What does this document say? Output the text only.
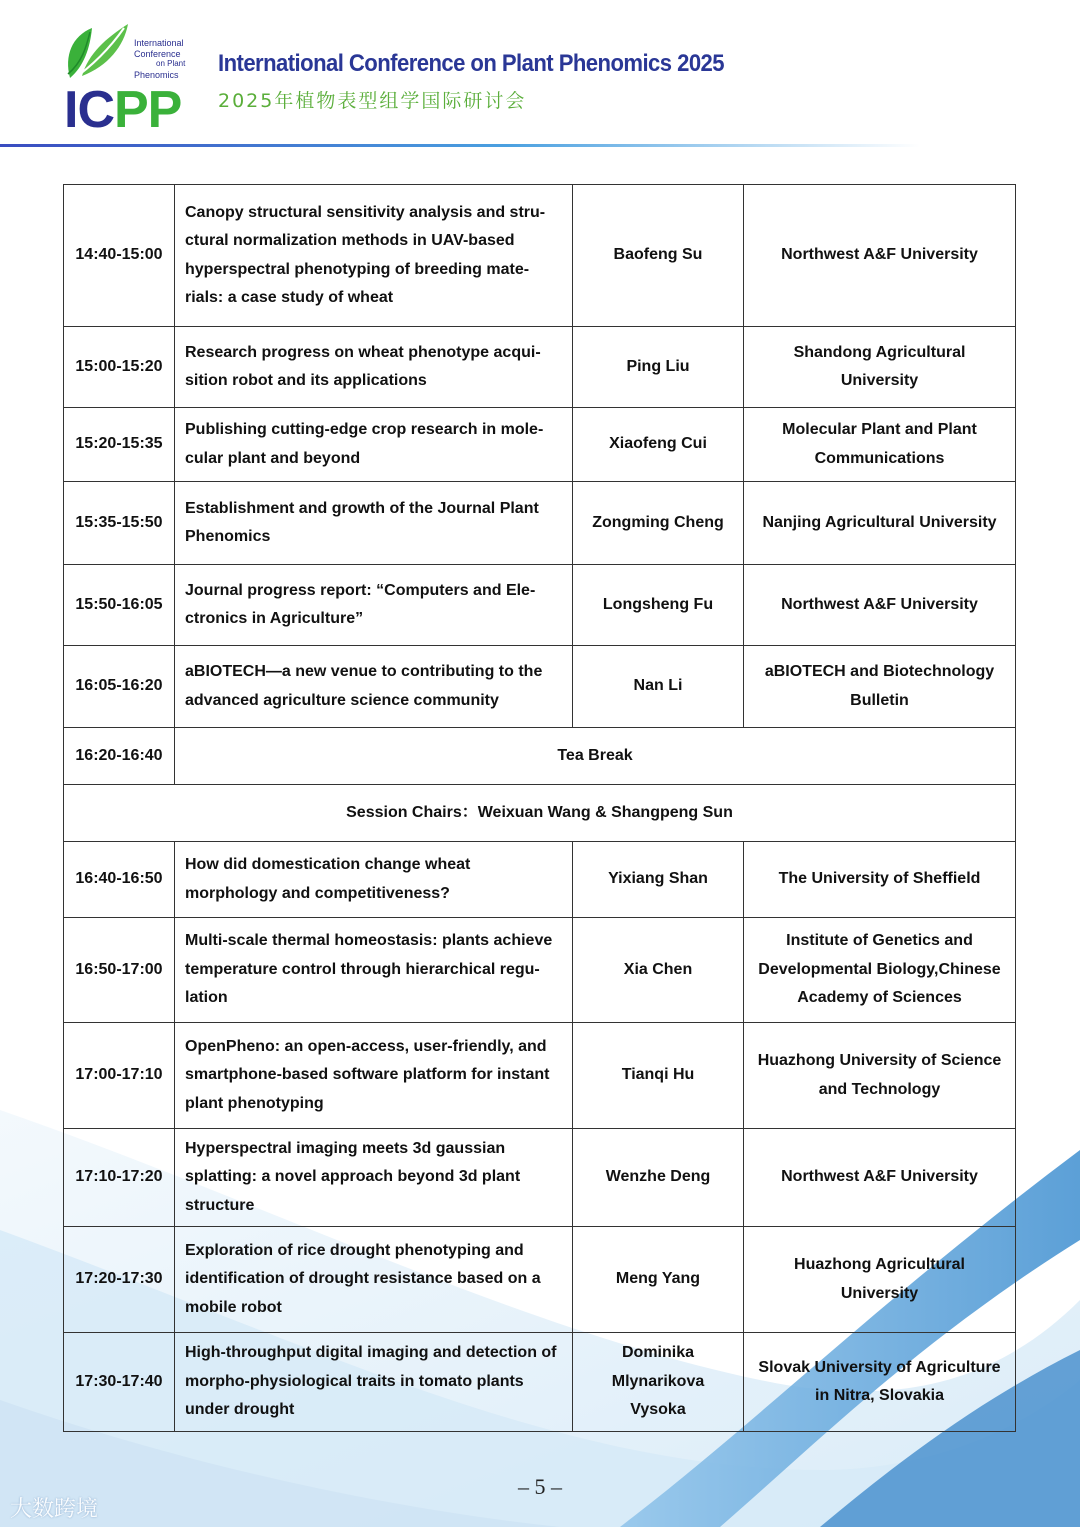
International
Conference
on Plant
Phenomics
ICPP
International Conference on Plant Phenomics 2025
2025年植物表型组学国际研讨会
14:40-15:00	Canopy structural sensitivity analysis and stru-ctural normalization methods in UAV-based hyperspectral phenotyping of breeding mate-rials: a case study of wheat	Baofeng Su	Northwest A&F University
15:00-15:20	Research progress on wheat phenotype acqui-sition robot and its applications	Ping Liu	Shandong Agricultural University
15:20-15:35	Publishing cutting-edge crop research in mole-cular plant and beyond	Xiaofeng Cui	Molecular Plant and Plant Communications
15:35-15:50	Establishment and growth of the Journal Plant Phenomics	Zongming Cheng	Nanjing Agricultural University
15:50-16:05	Journal progress report: “Computers and Ele-ctronics in Agriculture”	Longsheng Fu	Northwest A&F University
16:05-16:20	aBIOTECH—a new venue to contributing to the advanced agriculture science community	Nan Li	aBIOTECH and Biotechnology Bulletin
16:20-16:40	Tea Break		
Session Chairs：Weixuan Wang & Shangpeng Sun			
16:40-16:50	How did domestication change wheat morphology and competitiveness?	Yixiang Shan	The University of Sheffield
16:50-17:00	Multi-scale thermal homeostasis: plants achieve temperature control through hierarchical regu-lation	Xia Chen	Institute of Genetics and Developmental Biology,Chinese Academy of Sciences
17:00-17:10	OpenPheno: an open-access, user-friendly, and smartphone-based software platform for instant plant phenotyping	Tianqi Hu	Huazhong University of Science and Technology
17:10-17:20	Hyperspectral imaging meets 3d gaussian splatting: a novel approach beyond 3d plant structure	Wenzhe Deng	Northwest A&F University
17:20-17:30	Exploration of rice drought phenotyping and identification of drought resistance based on a mobile robot	Meng Yang	Huazhong Agricultural University
17:30-17:40	High-throughput digital imaging and detection of morpho-physiological traits in tomato plants under drought	Dominika Mlynarikova Vysoka	Slovak University of Agriculture in Nitra, Slovakia
– 5 –
大数跨境
